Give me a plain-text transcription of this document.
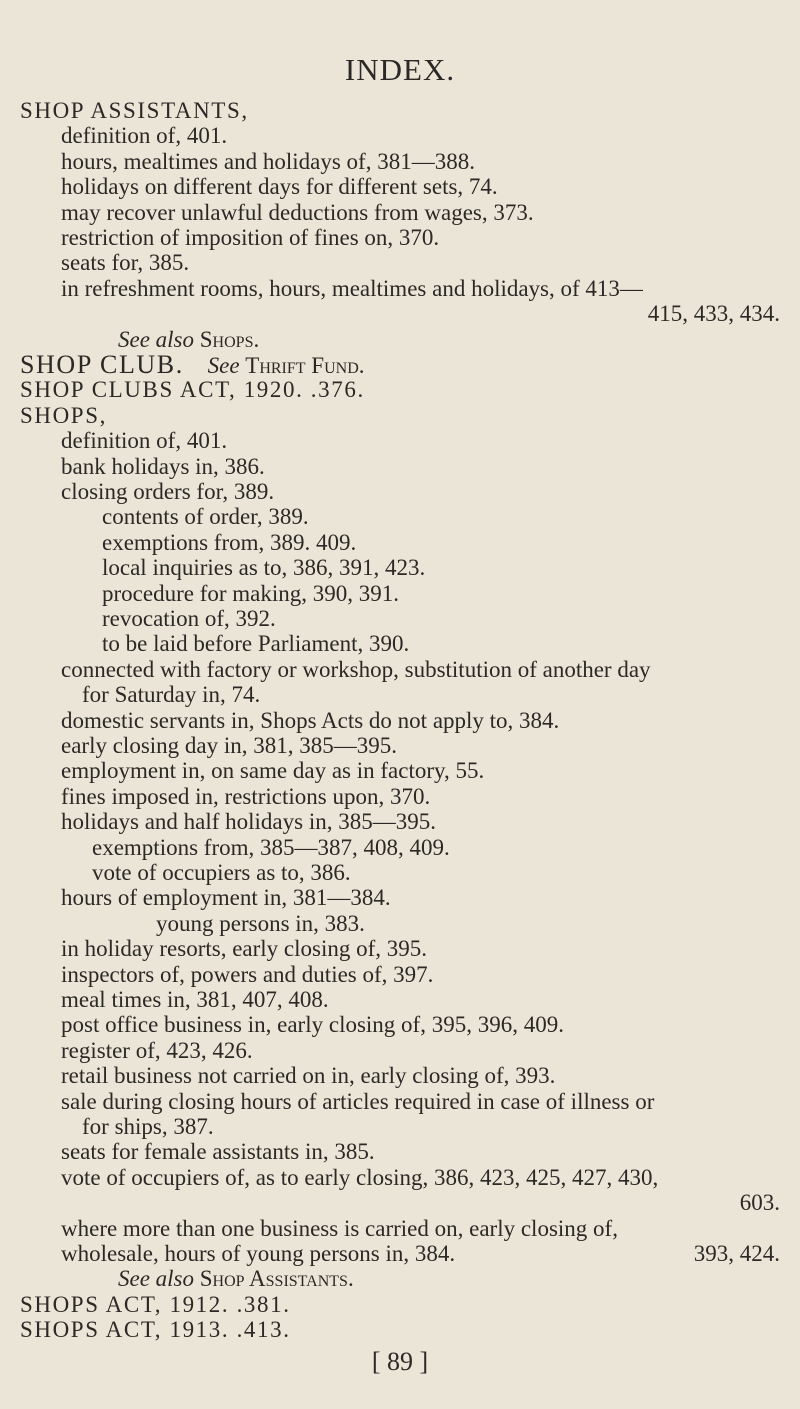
INDEX.
[ 89 ]
SHOP ASSISTANTS,
definition of, 401.
hours, mealtimes and holidays of, 381—388.
holidays on different days for different sets, 74.
may recover unlawful deductions from wages, 373.
restriction of imposition of fines on, 370.
seats for, 385.
in refreshment rooms, hours, mealtimes and holidays, of 413—
415, 433, 434.
See also Shops.
SHOP CLUB. See Thrift Fund.
SHOP CLUBS ACT, 1920. .376.
SHOPS,
definition of, 401.
bank holidays in, 386.
closing orders for, 389.
contents of order, 389.
exemptions from, 389. 409.
local inquiries as to, 386, 391, 423.
procedure for making, 390, 391.
revocation of, 392.
to be laid before Parliament, 390.
connected with factory or workshop, substitution of another day
for Saturday in, 74.
domestic servants in, Shops Acts do not apply to, 384.
early closing day in, 381, 385—395.
employment in, on same day as in factory, 55.
fines imposed in, restrictions upon, 370.
holidays and half holidays in, 385—395.
exemptions from, 385—387, 408, 409.
vote of occupiers as to, 386.
hours of employment in, 381—384.
young persons in, 383.
in holiday resorts, early closing of, 395.
inspectors of, powers and duties of, 397.
meal times in, 381, 407, 408.
post office business in, early closing of, 395, 396, 409.
register of, 423, 426.
retail business not carried on in, early closing of, 393.
sale during closing hours of articles required in case of illness or
for ships, 387.
seats for female assistants in, 385.
vote of occupiers of, as to early closing, 386, 423, 425, 427, 430,
603.
where more than one business is carried on, early closing of,
wholesale, hours of young persons in, 384.	393, 424.
See also Shop Assistants.
SHOPS ACT, 1912. .381.
SHOPS ACT, 1913. .413.
